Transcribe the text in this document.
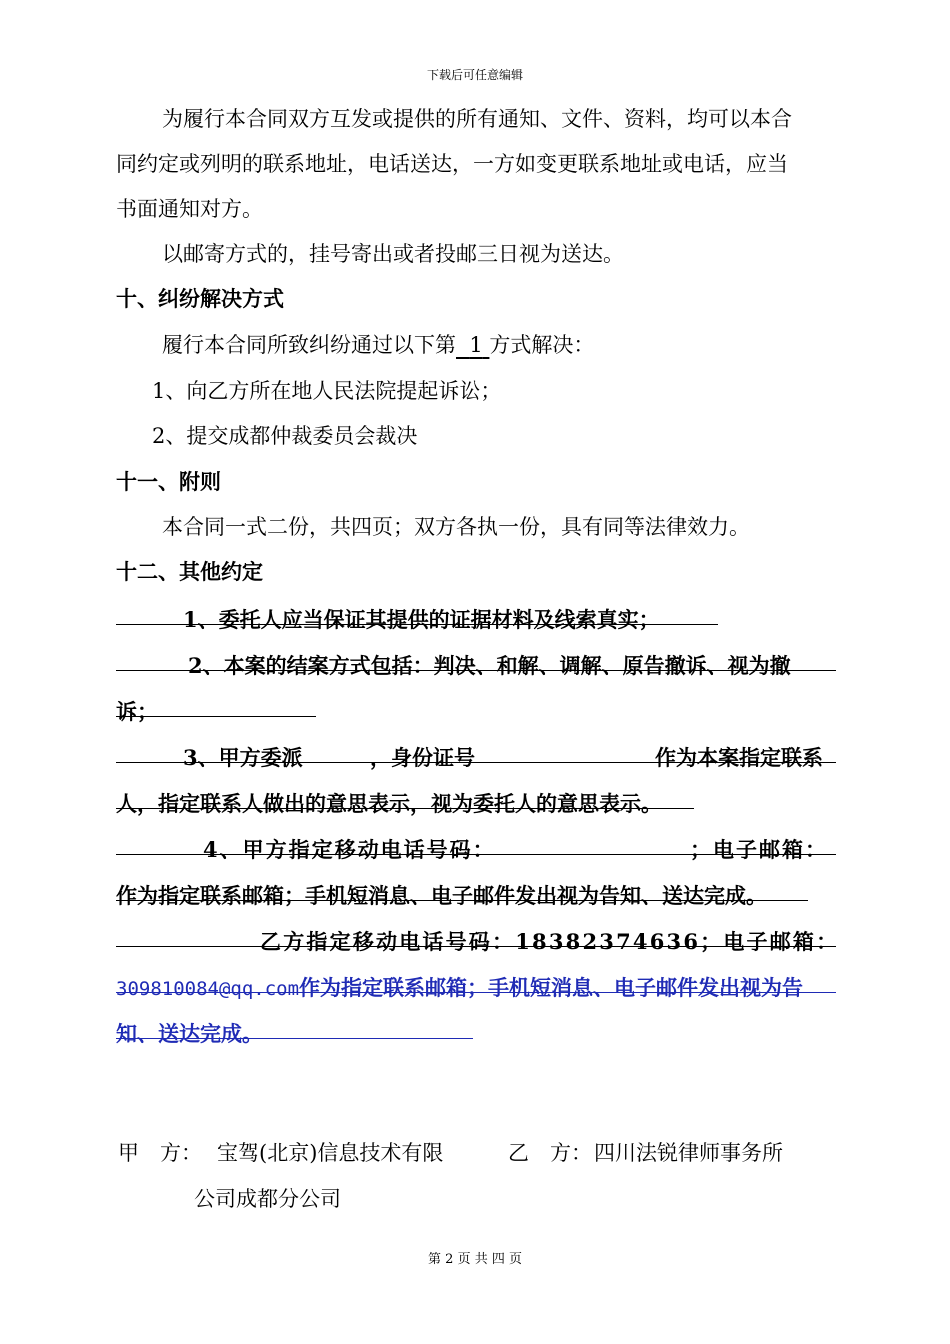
下载后可任意编辑
为履行本合同双方互发或提供的所有通知、文件、资料，均可以本合
同约定或列明的联系地址，电话送达，一方如变更联系地址或电话，应当
书面通知对方。
以邮寄方式的，挂号寄出或者投邮三日视为送达。
十、纠纷解决方式
履行本合同所致纠纷通过以下第 1 方式解决：
1、向乙方所在地人民法院提起诉讼；
2、提交成都仲裁委员会裁决
十一、附则
本合同一式二份，共四页；双方各执一份，具有同等法律效力。
十二、其他约定
1、委托人应当保证其提供的证据材料及线索真实；
2、本案的结案方式包括：判决、和解、调解、原告撤诉、视为撤
诉；
3、甲方委派	，身份证号	作为本案指定联系
人，指定联系人做出的意思表示，视为委托人的意思表示。
4、甲方指定移动电话号码：	；电子邮箱：
作为指定联系邮箱；手机短消息、电子邮件发出视为告知、送达完成。
乙方指定移动电话号码：18382374636；电子邮箱：
309810084@qq.com作为指定联系邮箱；手机短消息、电子邮件发出视为告
知、送达完成。
甲　方： 宝驾(北京)信息技术有限
公司成都分公司
乙　方： 四川法锐律师事务所
第 2 页 共 四 页
